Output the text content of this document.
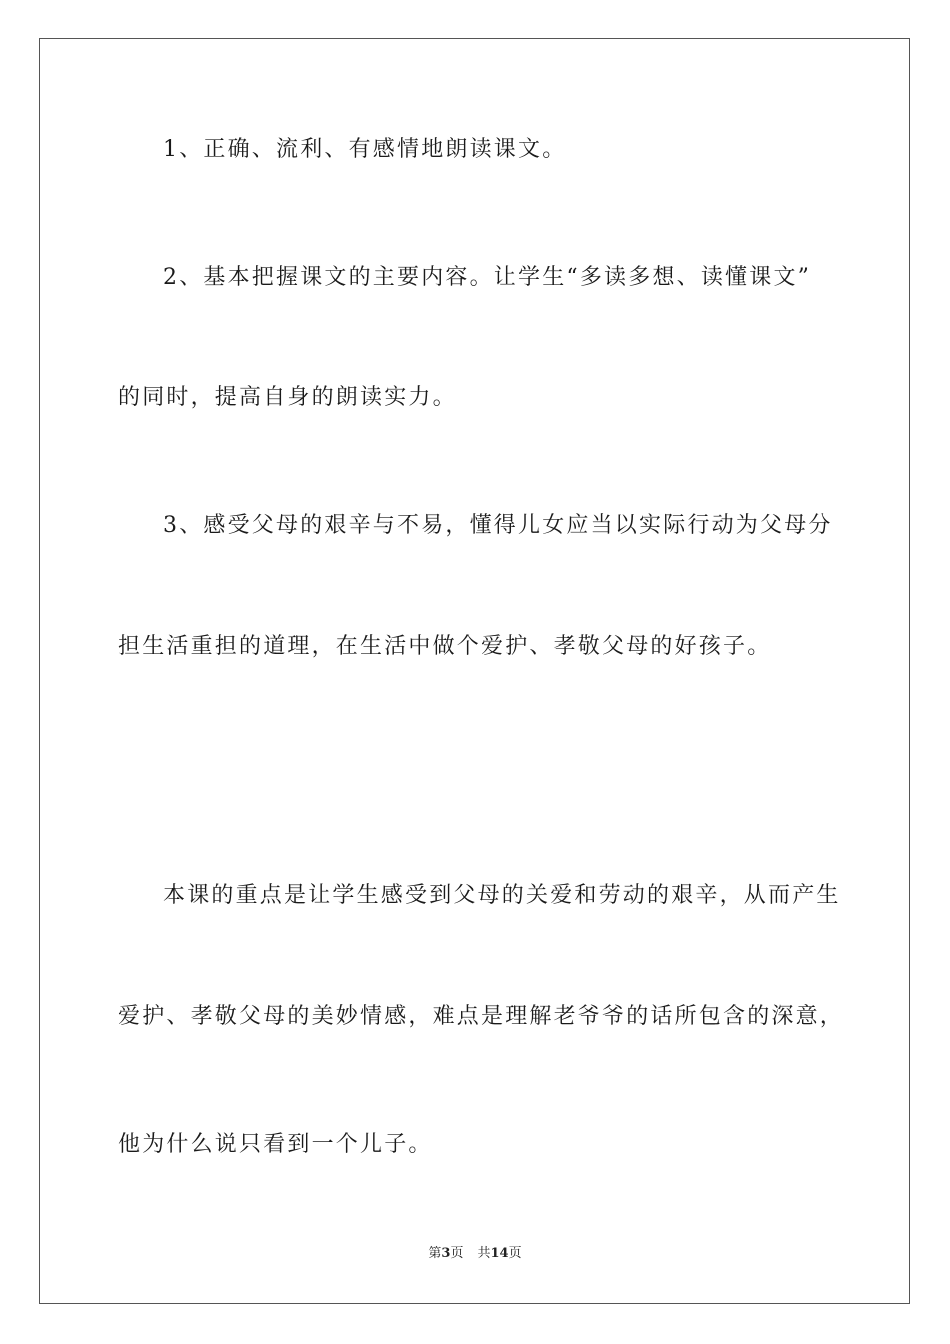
1、正确、流利、有感情地朗读课文。
2、基本把握课文的主要内容。让学生“多读多想、读懂课文”
的同时，提高自身的朗读实力。
3、感受父母的艰辛与不易，懂得儿女应当以实际行动为父母分
担生活重担的道理，在生活中做个爱护、孝敬父母的好孩子。
本课的重点是让学生感受到父母的关爱和劳动的艰辛，从而产生
爱护、孝敬父母的美妙情感，难点是理解老爷爷的话所包含的深意，
他为什么说只看到一个儿子。
第3页 共14页
